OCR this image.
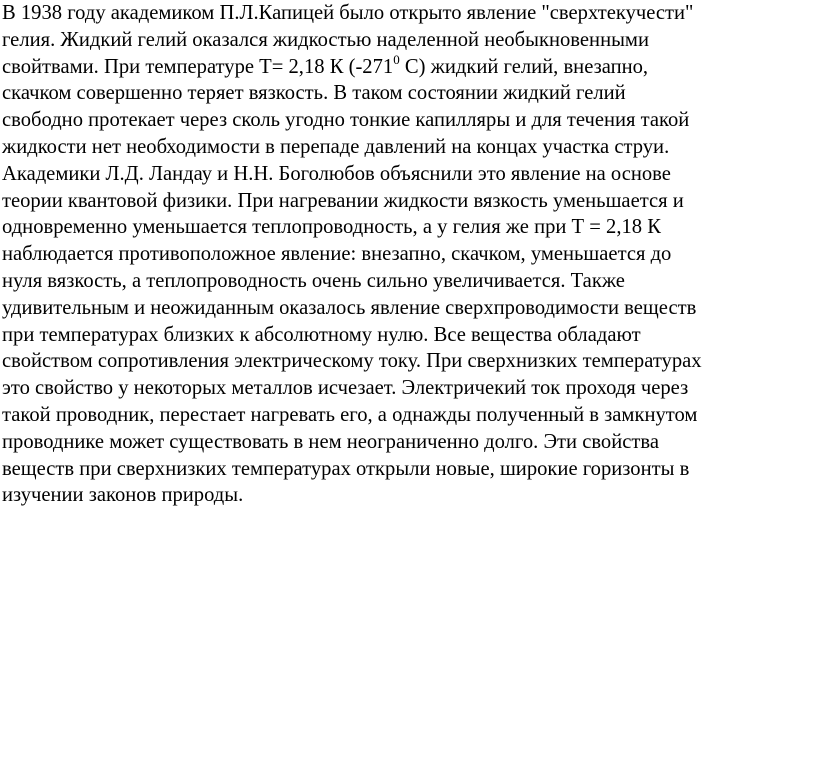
В 1938 году академиком П.Л.Капицей было открыто явление "сверхтекучести"
гелия. Жидкий гелий оказался жидкостью наделенной необыкновенными
свойтвами. При температуре Т= 2,18 К ($-271^0$ С) жидкий гелий, внезапно,
скачком совершенно теряет вязкость. В таком состоянии жидкий гелий
свободно протекает через сколь угодно тонкие капилляры и для течения такой
жидкости нет необходимости в перепаде давлений на концах участка струи.
Академики Л.Д. Ландау и Н.Н. Боголюбов объяснили это явление на основе
теории квантовой физики. При нагревании жидкости вязкость уменьшается и
одновременно уменьшается теплопроводность, а у гелия же при Т = 2,18 К
наблюдается противоположное явление: внезапно, скачком, уменьшается до
нуля вязкость, а теплопроводность очень сильно увеличивается. Также
удивительным и неожиданным оказалось явление сверхпроводимости веществ
при температурах близких к абсолютному нулю. Все вещества обладают
свойством сопротивления электрическому току. При сверхнизких температурах
это свойство у некоторых металлов исчезает. Электричекий ток проходя через
такой проводник, перестает нагревать его, а однажды полученный в замкнутом
проводнике может существовать в нем неограниченно долго. Эти свойства
веществ при сверхнизких температурах открыли новые, широкие горизонты в
изучении законов природы.
